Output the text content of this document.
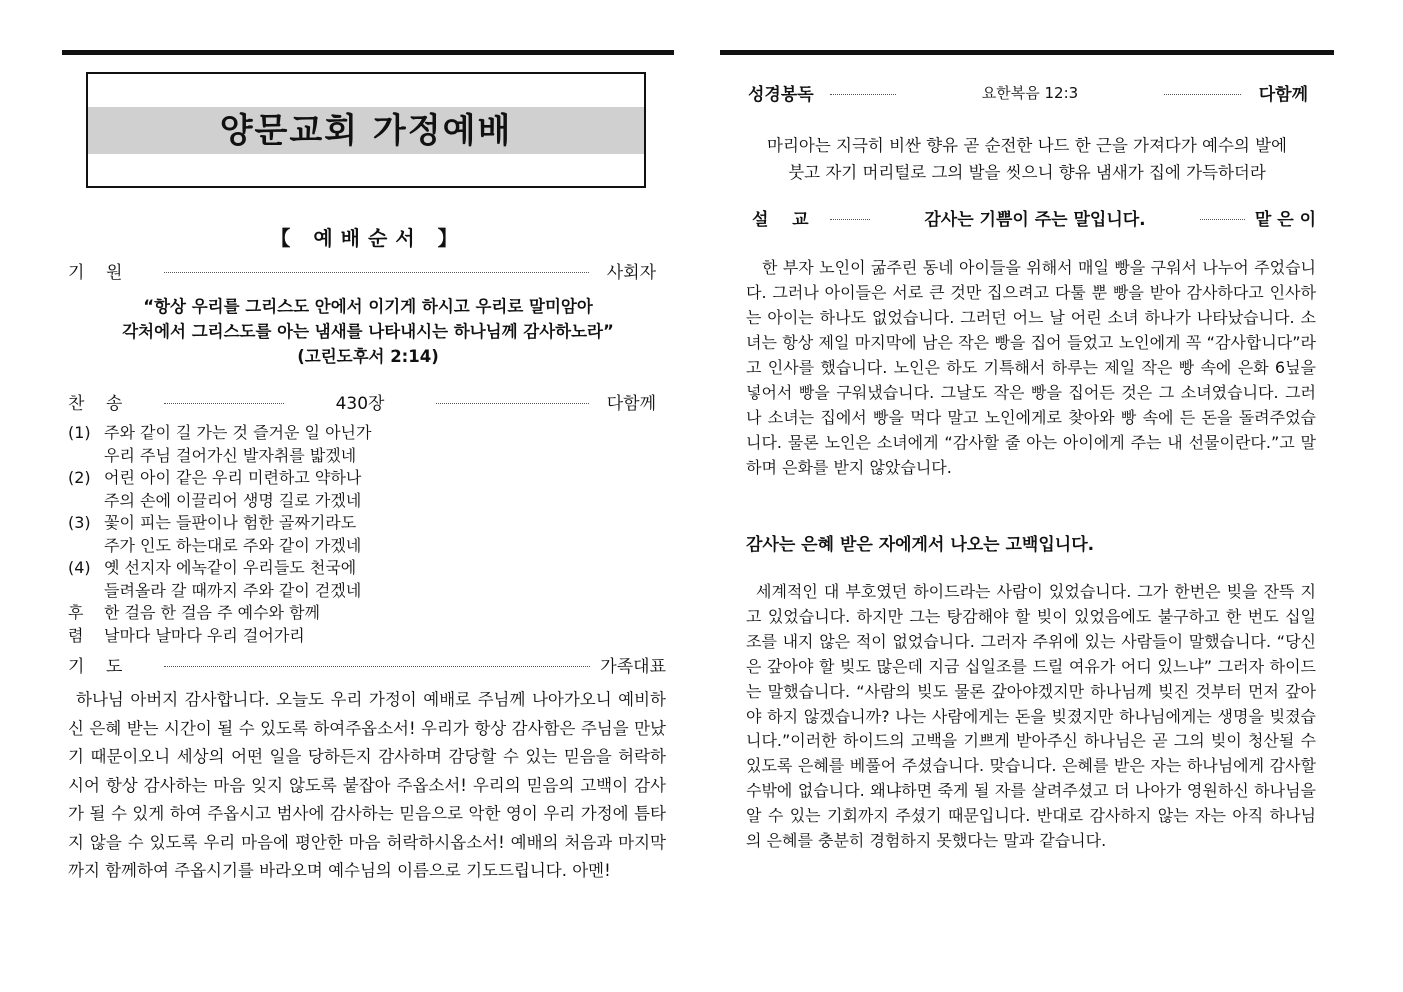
양문교회 가정예배
【 예배순서 】
기    원	사회자
“항상 우리를 그리스도 안에서 이기게 하시고 우리로 말미암아
각처에서 그리스도를 아는 냄새를 나타내시는 하나님께 감사하노라”
(고린도후서 2:14)
찬    송	430장	다함께
(1) 주와 같이 길 가는 것 즐거운 일 아닌가
우리 주님 걸어가신 발자취를 밟겠네
(2) 어린 아이 같은 우리 미련하고 약하나
주의 손에 이끌리어 생명 길로 가겠네
(3) 꽃이 피는 들판이나 험한 골짜기라도
주가 인도 하는대로 주와 같이 가겠네
(4) 옛 선지자 에녹같이 우리들도 천국에
들려올라 갈 때까지 주와 같이 걷겠네
후	한 걸음 한 걸음 주 예수와 함께
렴	날마다 날마다 우리 걸어가리
기    도	가족대표
하나님 아버지 감사합니다. 오늘도 우리 가정이 예배로 주님께 나아가오니 예비하신 은혜 받는 시간이 될 수 있도록 하여주옵소서! 우리가 항상 감사함은 주님을 만났기 때문이오니 세상의 어떤 일을 당하든지 감사하며 감당할 수 있는 믿음을 허락하시어 항상 감사하는 마음 잊지 않도록 붙잡아 주옵소서! 우리의 믿음의 고백이 감사가 될 수 있게 하여 주옵시고 범사에 감사하는 믿음으로 악한 영이 우리 가정에 틈타지 않을 수 있도록 우리 마음에 평안한 마음 허락하시옵소서! 예배의 처음과 마지막까지 함께하여 주옵시기를 바라오며 예수님의 이름으로 기도드립니다. 아멘!
성경봉독	요한복음 12:3	다함께
마리아는 지극히 비싼 향유 곧 순전한 나드 한 근을 가져다가 예수의 발에
붓고 자기 머리털로 그의 발을 씻으니 향유 냄새가 집에 가득하더라
설    교	감사는 기쁨이 주는 말입니다.	맡 은 이
한 부자 노인이 굶주린 동네 아이들을 위해서 매일 빵을 구워서 나누어 주었습니다. 그러나 아이들은 서로 큰 것만 집으려고 다툴 뿐 빵을 받아 감사하다고 인사하는 아이는 하나도 없었습니다. 그러던 어느 날 어린 소녀 하나가 나타났습니다. 소녀는 항상 제일 마지막에 남은 작은 빵을 집어 들었고 노인에게 꼭 “감사합니다”라고 인사를 했습니다. 노인은 하도 기특해서 하루는 제일 작은 빵 속에 은화 6닢을 넣어서 빵을 구워냈습니다. 그날도 작은 빵을 집어든 것은 그 소녀였습니다. 그러나 소녀는 집에서 빵을 먹다 말고 노인에게로 찾아와 빵 속에 든 돈을 돌려주었습니다. 물론 노인은 소녀에게 “감사할 줄 아는 아이에게 주는 내 선물이란다.”고 말하며 은화를 받지 않았습니다.
감사는 은혜 받은 자에게서 나오는 고백입니다.
세계적인 대 부호였던 하이드라는 사람이 있었습니다. 그가 한번은 빚을 잔뜩 지고 있었습니다. 하지만 그는 탕감해야 할 빚이 있었음에도 불구하고 한 번도 십일조를 내지 않은 적이 없었습니다. 그러자 주위에 있는 사람들이 말했습니다. “당신은 갚아야 할 빚도 많은데 지금 십일조를 드릴 여유가 어디 있느냐” 그러자 하이드는 말했습니다. “사람의 빚도 물론 갚아야겠지만 하나님께 빚진 것부터 먼저 갚아야 하지 않겠습니까? 나는 사람에게는 돈을 빚졌지만 하나님에게는 생명을 빚졌습니다.”이러한 하이드의 고백을 기쁘게 받아주신 하나님은 곧 그의 빚이 청산될 수 있도록 은혜를 베풀어 주셨습니다. 맞습니다. 은혜를 받은 자는 하나님에게 감사할 수밖에 없습니다. 왜냐하면 죽게 될 자를 살려주셨고 더 나아가 영원하신 하나님을 알 수 있는 기회까지 주셨기 때문입니다. 반대로 감사하지 않는 자는 아직 하나님의 은혜를 충분히 경험하지 못했다는 말과 같습니다.
